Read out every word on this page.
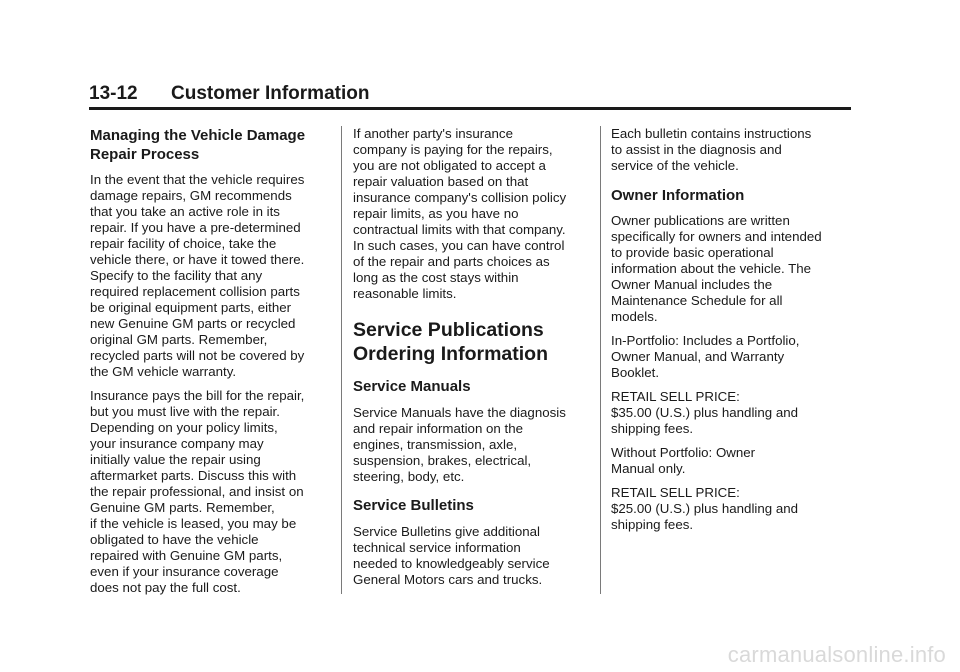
13-12 Customer Information
Managing the Vehicle Damage
Repair Process

In the event that the vehicle requires
damage repairs, GM recommends
that you take an active role in its
repair. If you have a pre-determined
repair facility of choice, take the
vehicle there, or have it towed there.
Specify to the facility that any
required replacement collision parts
be original equipment parts, either
new Genuine GM parts or recycled
original GM parts. Remember,
recycled parts will not be covered by
the GM vehicle warranty.

Insurance pays the bill for the repair,
but you must live with the repair.
Depending on your policy limits,
your insurance company may
initially value the repair using
aftermarket parts. Discuss this with
the repair professional, and insist on
Genuine GM parts. Remember,
if the vehicle is leased, you may be
obligated to have the vehicle
repaired with Genuine GM parts,
even if your insurance coverage
does not pay the full cost.

If another party's insurance
company is paying for the repairs,
you are not obligated to accept a
repair valuation based on that
insurance company's collision policy
repair limits, as you have no
contractual limits with that company.
In such cases, you can have control
of the repair and parts choices as
long as the cost stays within
reasonable limits.

Service Publications
Ordering Information
Service Manuals

Service Manuals have the diagnosis
and repair information on the
engines, transmission, axle,
suspension, brakes, electrical,
steering, body, etc.

Service Bulletins

Service Bulletins give additional
technical service information
needed to knowledgeably service
General Motors cars and trucks.

Each bulletin contains instructions
to assist in the diagnosis and
service of the vehicle.

Owner Information

Owner publications are written
specifically for owners and intended
to provide basic operational
information about the vehicle. The
Owner Manual includes the
Maintenance Schedule for all
models.

In-Portfolio: Includes a Portfolio,
Owner Manual, and Warranty
Booklet.

RETAIL SELL PRICE:
$35.00 (U.S.) plus handling and
shipping fees.

Without Portfolio: Owner
Manual only.

RETAIL SELL PRICE:
$25.00 (U.S.) plus handling and
shipping fees.

carmanualsonline.info
